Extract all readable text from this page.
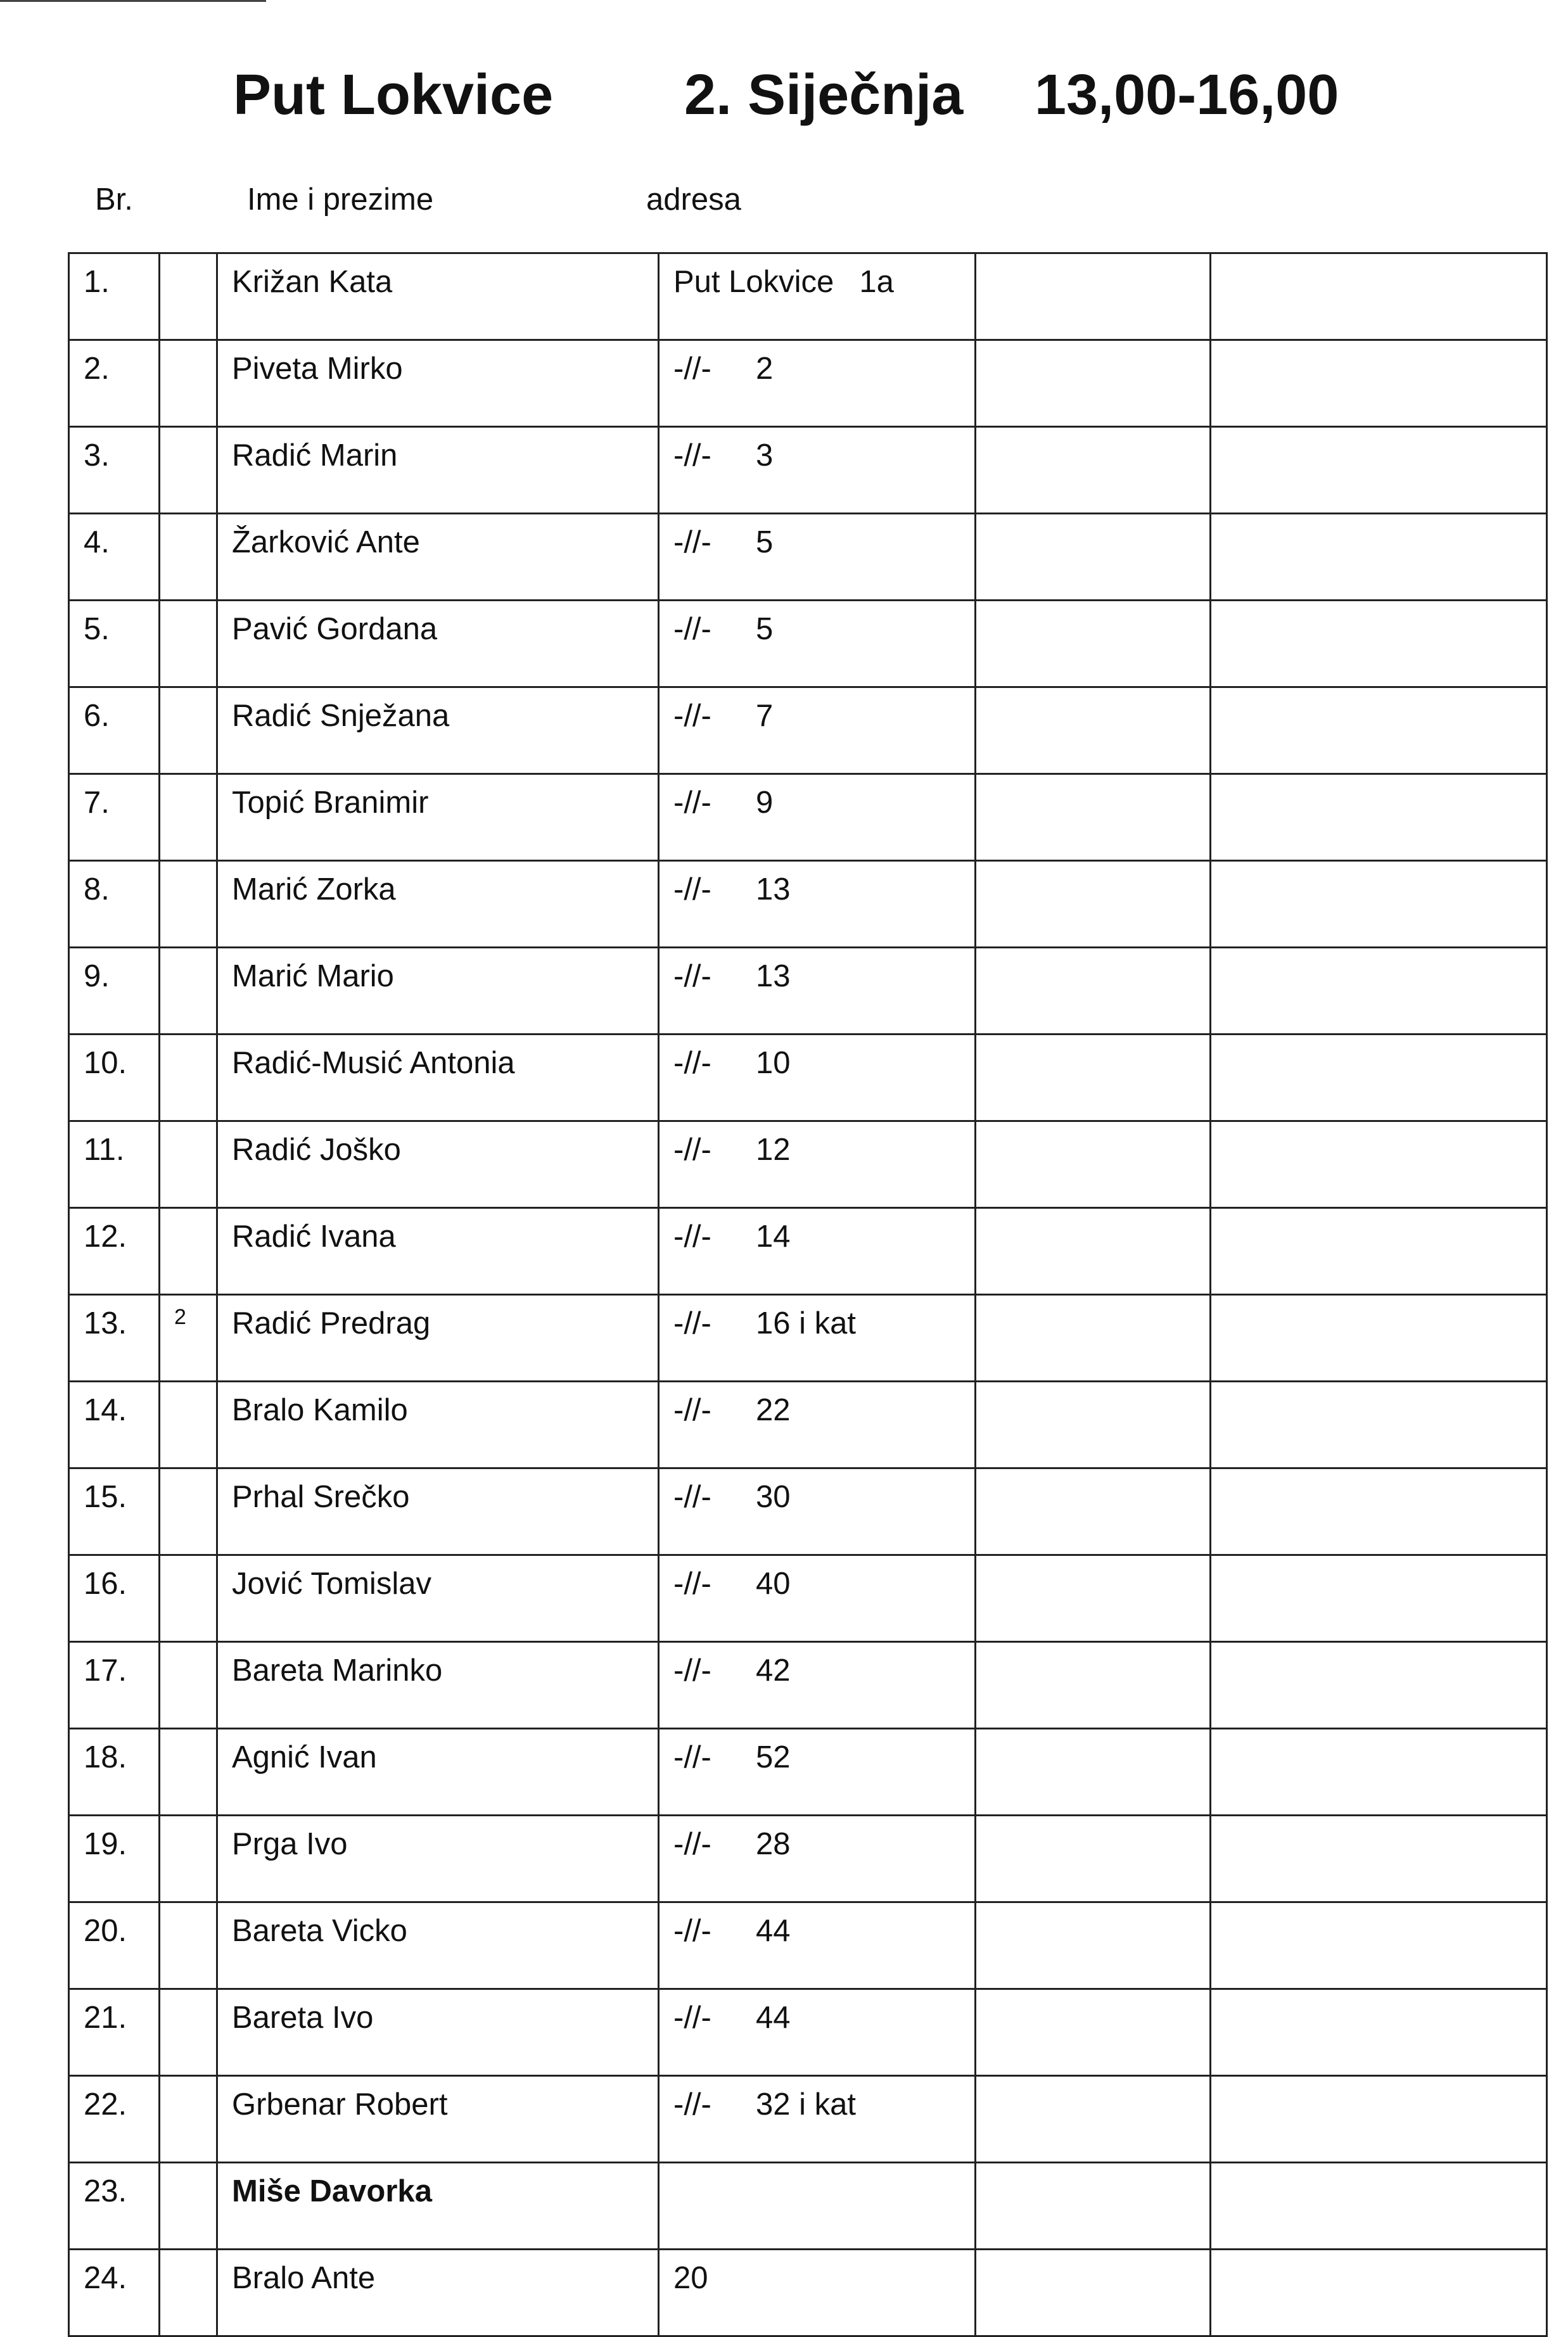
Put Lokvice 2. Siječnja 13,00-16,00
Br.	Ime i prezime	adresa
1.		Križan Kata	Put Lokvice 1a		
2.		Piveta Mirko	-//- 2		
3.		Radić Marin	-//- 3		
4.		Žarković Ante	-//- 5		
5.		Pavić Gordana	-//- 5		
6.		Radić Snježana	-//- 7		
7.		Topić Branimir	-//- 9		
8.		Marić Zorka	-//- 13		
9.		Marić Mario	-//- 13		
10.		Radić-Musić Antonia	-//- 10		
11.		Radić Joško	-//- 12		
12.		Radić Ivana	-//- 14		
13.	2	Radić Predrag	-//- 16 i kat		
14.		Bralo Kamilo	-//- 22		
15.		Prhal Srečko	-//- 30		
16.		Jović Tomislav	-//- 40		
17.		Bareta Marinko	-//- 42		
18.		Agnić Ivan	-//- 52		
19.		Prga Ivo	-//- 28		
20.		Bareta Vicko	-//- 44		
21.		Bareta Ivo	-//- 44		
22.		Grbenar Robert	-//- 32 i kat		
23.		Miše Davorka			
24.		Bralo Ante	20		
